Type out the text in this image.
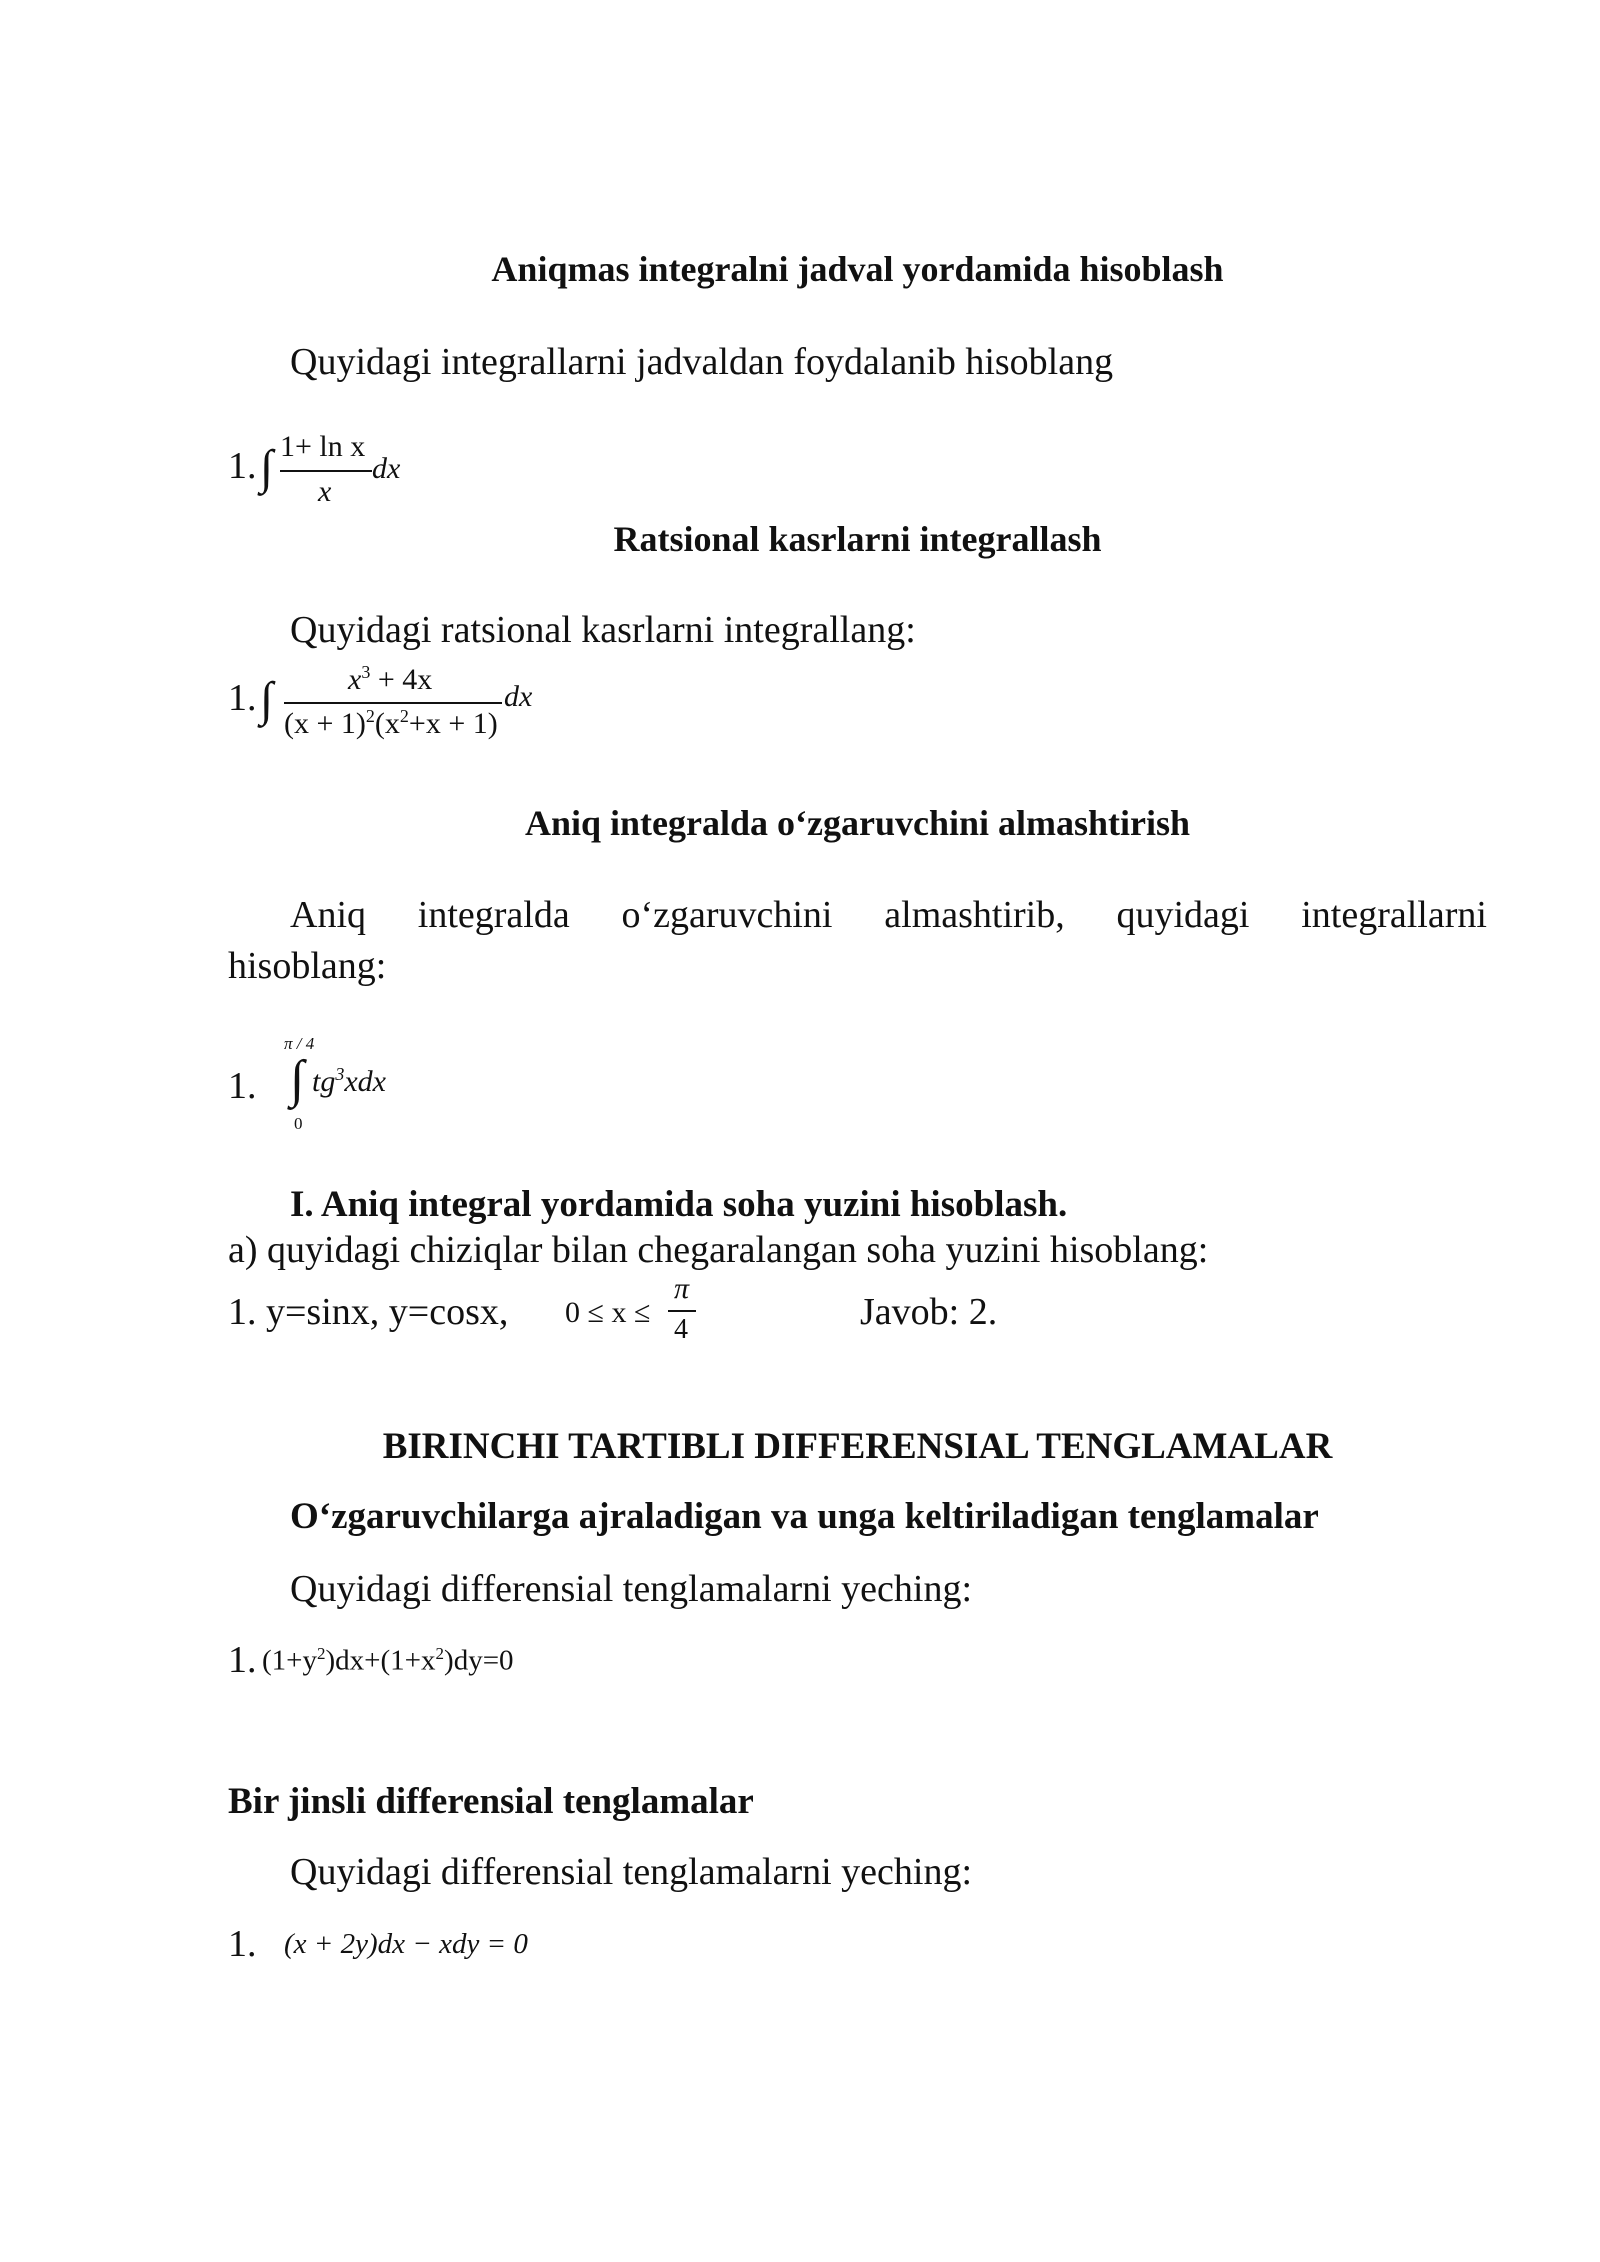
Aniqmas integralni jadval yordamida hisoblash
Quyidagi integrallarni jadvaldan foydalanib hisoblang
1. ∫ 1+ ln x
x
dx
Ratsional kasrlarni integrallash
Quyidagi ratsional kasrlarni integrallang:
1. ∫ $x^3 + 4x$
$(x + 1)^2(x^2+x + 1)$
dx
Aniq integralda o‘zgaruvchini almashtirish
Aniq integralda o‘zgaruvchini almashtirib, quyidagi integrallarni
hisoblang:
1.
π / 4
∫
0
$tg^3xdx$
I. Aniq integral yordamida soha yuzini hisoblash.
a) quyidagi chiziqlar bilan chegaralangan soha yuzini hisoblang:
1. y=sinx, y=cosx, 0 ≤ x ≤
π
4	Javob: 2.
BIRINCHI TARTIBLI DIFFERENSIAL TENGLAMALAR
O‘zgaruvchilarga ajraladigan va unga keltiriladigan tenglamalar
Quyidagi differensial tenglamalarni yeching:
1. $(1+y^2)dx+(1+x^2)dy=0$
Bir jinsli differensial tenglamalar
Quyidagi differensial tenglamalarni yeching:
1. (x + 2y)dx − xdy = 0
